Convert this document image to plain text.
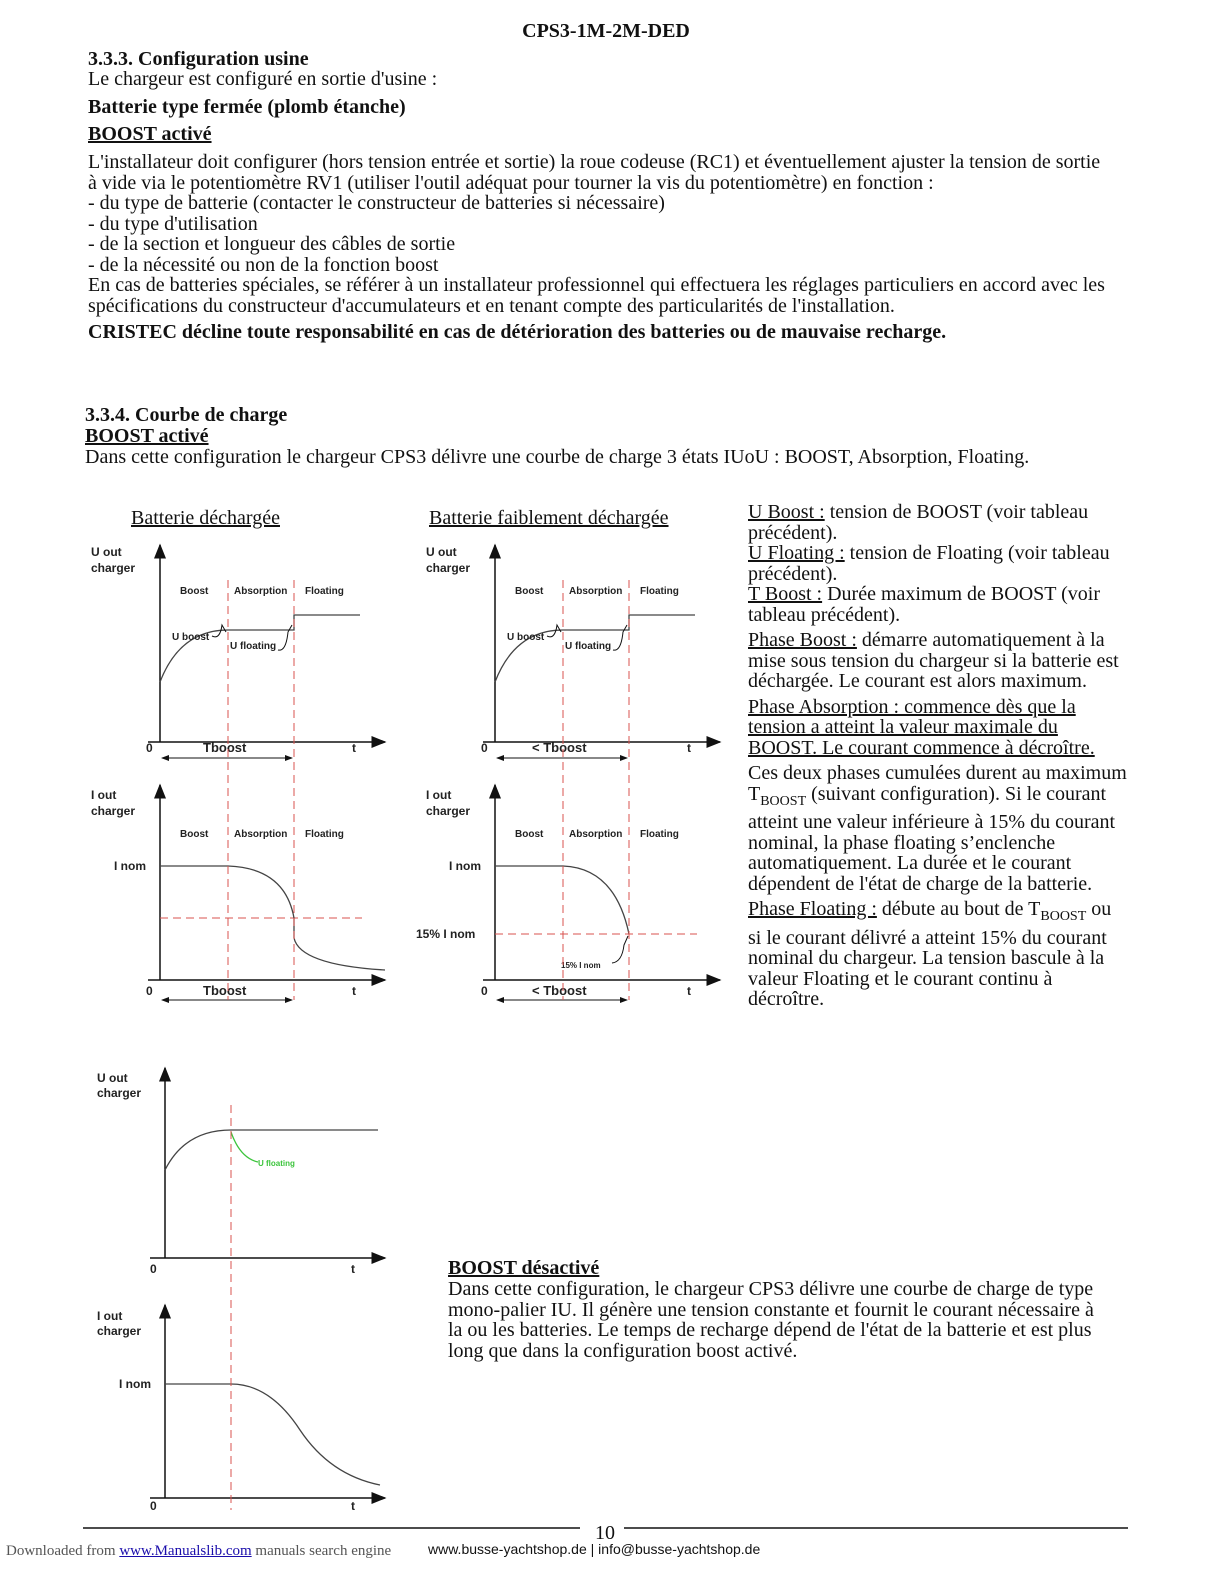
CPS3-1M-2M-DED
3.3.3. Configuration usine
Le chargeur est configuré en sortie d'usine :
Batterie type fermée (plomb étanche)
BOOST activé

L'installateur doit configurer (hors tension entrée et sortie) la roue codeuse (RC1) et éventuellement ajuster la tension de sortie à vide via le potentiomètre RV1 (utiliser l'outil adéquat pour tourner la vis du potentiomètre) en fonction :

- du type de batterie (contacter le constructeur de batteries si nécessaire)

- du type d'utilisation

- de la section et longueur des câbles de sortie

- de la nécessité ou non de la fonction boost

En cas de batteries spéciales, se référer à un installateur professionnel qui effectuera les réglages particuliers en accord avec les spécifications du constructeur d'accumulateurs et en tenant compte des particularités de l'installation.

CRISTEC décline toute responsabilité en cas de détérioration des batteries ou de mauvaise recharge.

3.3.4. Courbe de charge
BOOST activé
Dans cette configuration le chargeur CPS3 délivre une courbe de charge 3 états IUoU : BOOST, Absorption, Floating.
Batterie déchargée	Batterie faiblement déchargée
U out
charger
Boost	Absorption Floating
U boost
U floating
0	Tboost	t
I out
charger
Boost	Absorption Floating
I nom
0	Tboost	t
U out
charger
Boost	Absorption Floating
U boost
U floating
0	< Tboost	t
I out
charger
Boost	Absorption Floating
I nom
15% I nom
15% I nom
0	< Tboost	t
U out
charger
U floating
0	t
I out
charger
I nom
0	t

U Boost : tension de BOOST (voir tableau précédent).

U Floating : tension de Floating (voir tableau précédent).

T Boost : Durée maximum de BOOST (voir tableau précédent).

Phase Boost : démarre automatiquement à la mise sous tension du chargeur si la batterie est déchargée. Le courant est alors maximum.

Phase Absorption : commence dès que la tension a atteint la valeur maximale du BOOST. Le courant commence à décroître.

Ces deux phases cumulées durent au maximum $T_{BOOST}$ (suivant configuration). Si le courant atteint une valeur inférieure à 15% du courant nominal, la phase floating s’enclenche automatiquement. La durée et le courant dépendent de l'état de charge de la batterie.

Phase Floating : débute au bout de $T_{BOOST}$ ou si le courant délivré a atteint 15% du courant nominal du chargeur. La tension bascule à la valeur Floating et le courant continu à décroître.

BOOST désactivé
Dans cette configuration, le chargeur CPS3 délivre une courbe de charge de type mono-palier IU. Il génère une tension constante et fournit le courant nécessaire à la ou les batteries. Le temps de recharge dépend de l'état de la batterie et est plus long que dans la configuration boost activé.
10
Downloaded from www.Manualslib.com manuals search engine	www.busse-yachtshop.de | info@busse-yachtshop.de
